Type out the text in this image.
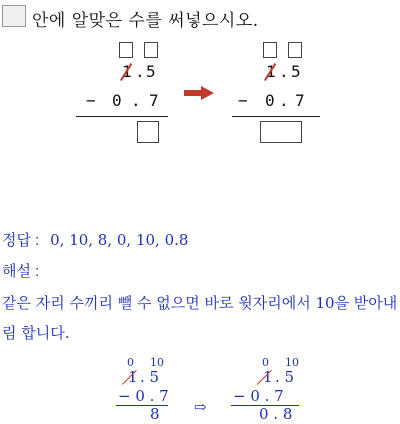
안에 알맞은 수를 써넣으시오.
1 . 5
− 0 . 7
1 . 5
− 0 . 7
정답 : 0, 10, 8, 0, 10, 0.8
해설 :
같은 자리 수끼리 뺄 수 없으면 바로 윗자리에서 10을 받아내림 합니다.
0 10
1 . 5
− 0 . 7
8 ⇨
0 10
1 . 5
− 0 . 7
0 . 8
